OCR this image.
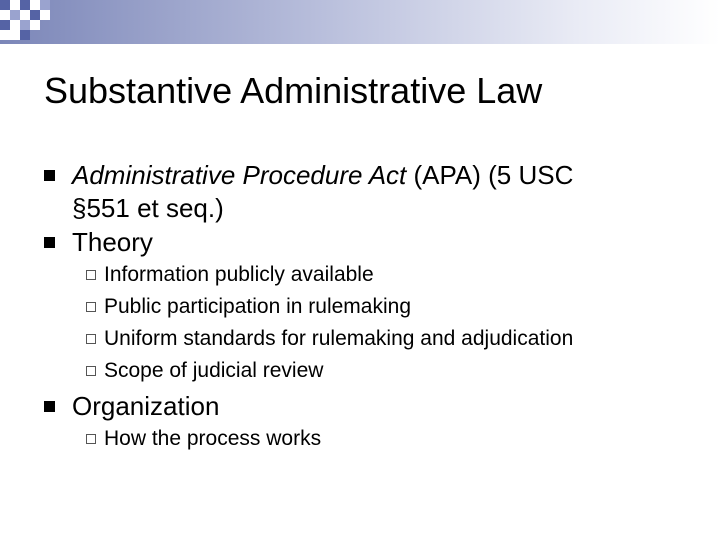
Substantive Administrative Law
Administrative Procedure Act (APA) (5 USC
§551 et seq.)
Theory
Information publicly available
Public participation in rulemaking
Uniform standards for rulemaking and adjudication
Scope of judicial review
Organization
How the process works
